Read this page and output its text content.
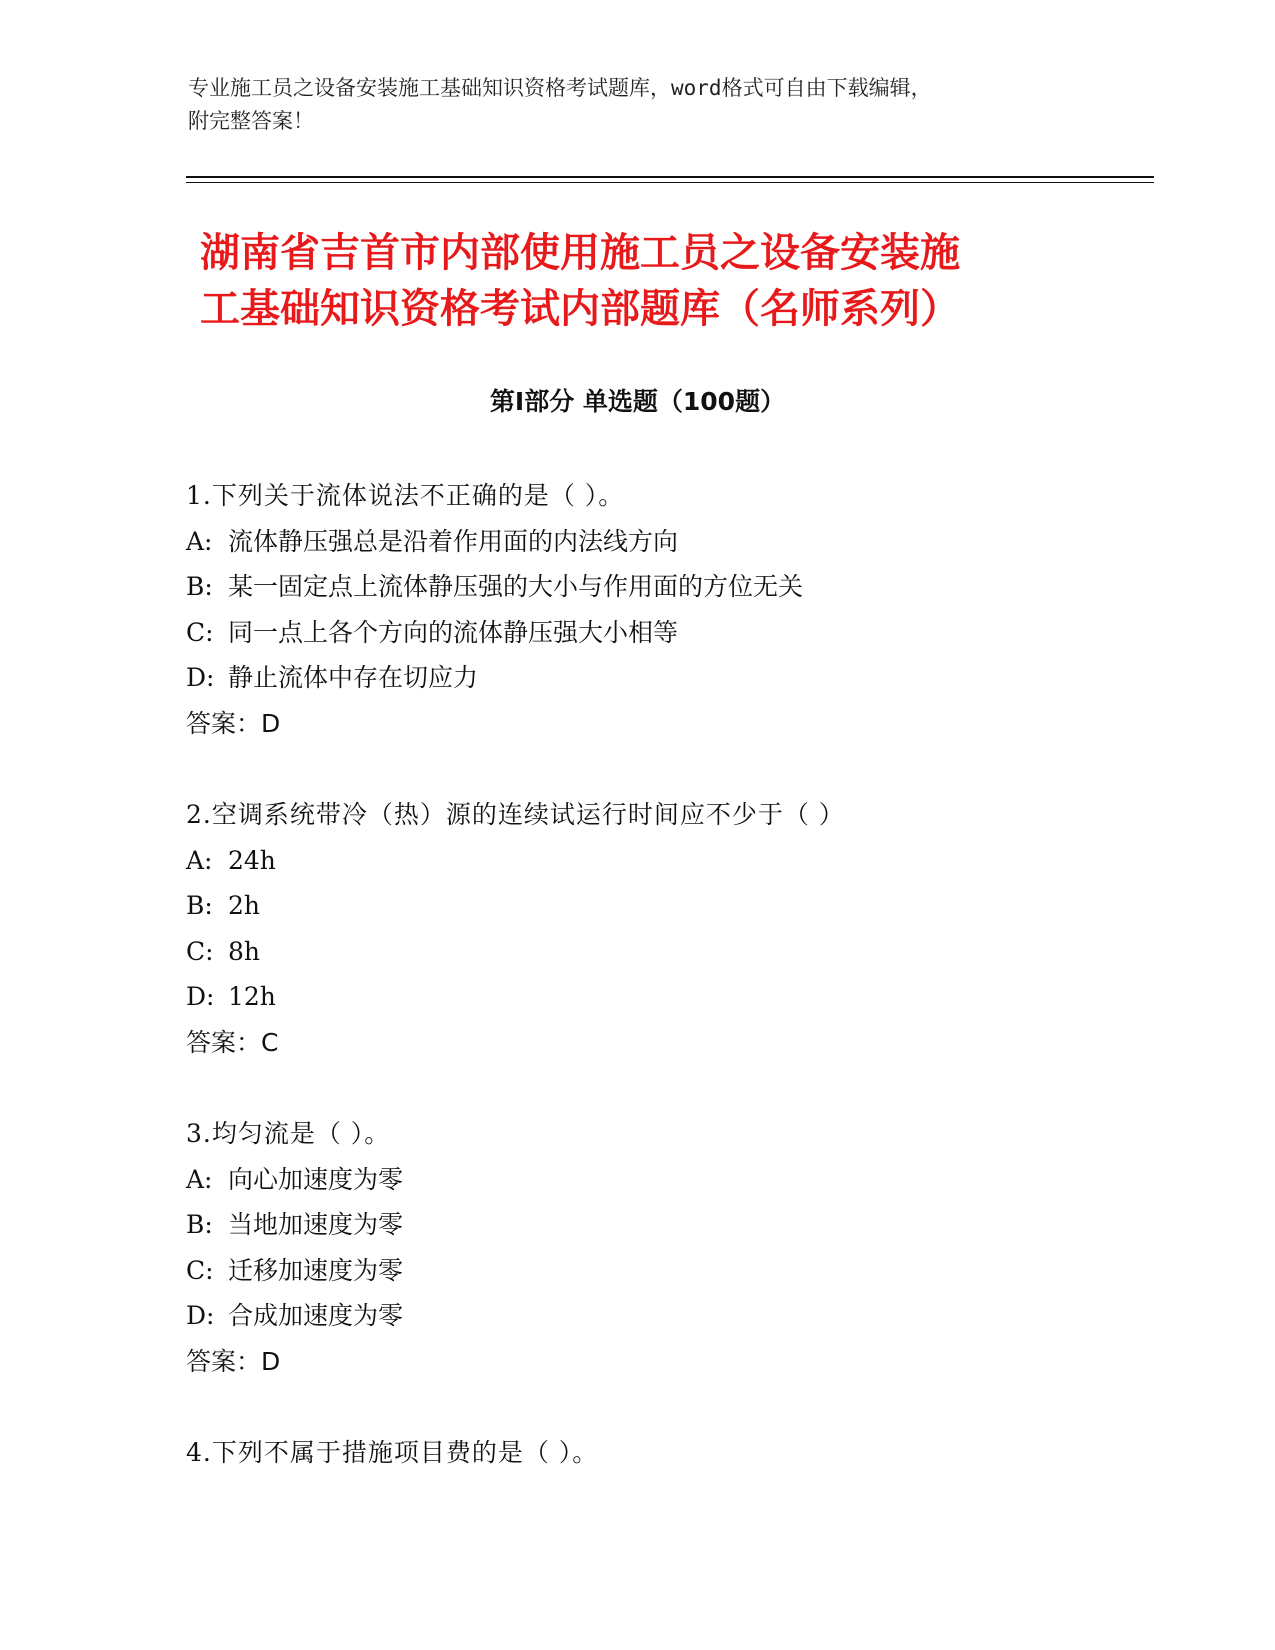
专业施工员之设备安装施工基础知识资格考试题库，word格式可自由下载编辑，
附完整答案！
湖南省吉首市内部使用施工员之设备安装施
工基础知识资格考试内部题库（名师系列）
第Ⅰ部分 单选题（100题）
1.下列关于流体说法不正确的是（ ）。
A: 流体静压强总是沿着作用面的内法线方向
B: 某一固定点上流体静压强的大小与作用面的方位无关
C: 同一点上各个方向的流体静压强大小相等
D: 静止流体中存在切应力
答案：D
2.空调系统带冷（热）源的连续试运行时间应不少于（ ）
A: 24h
B: 2h
C: 8h
D: 12h
答案：C
3.均匀流是（ ）。
A: 向心加速度为零
B: 当地加速度为零
C: 迁移加速度为零
D: 合成加速度为零
答案：D
4.下列不属于措施项目费的是（ ）。
